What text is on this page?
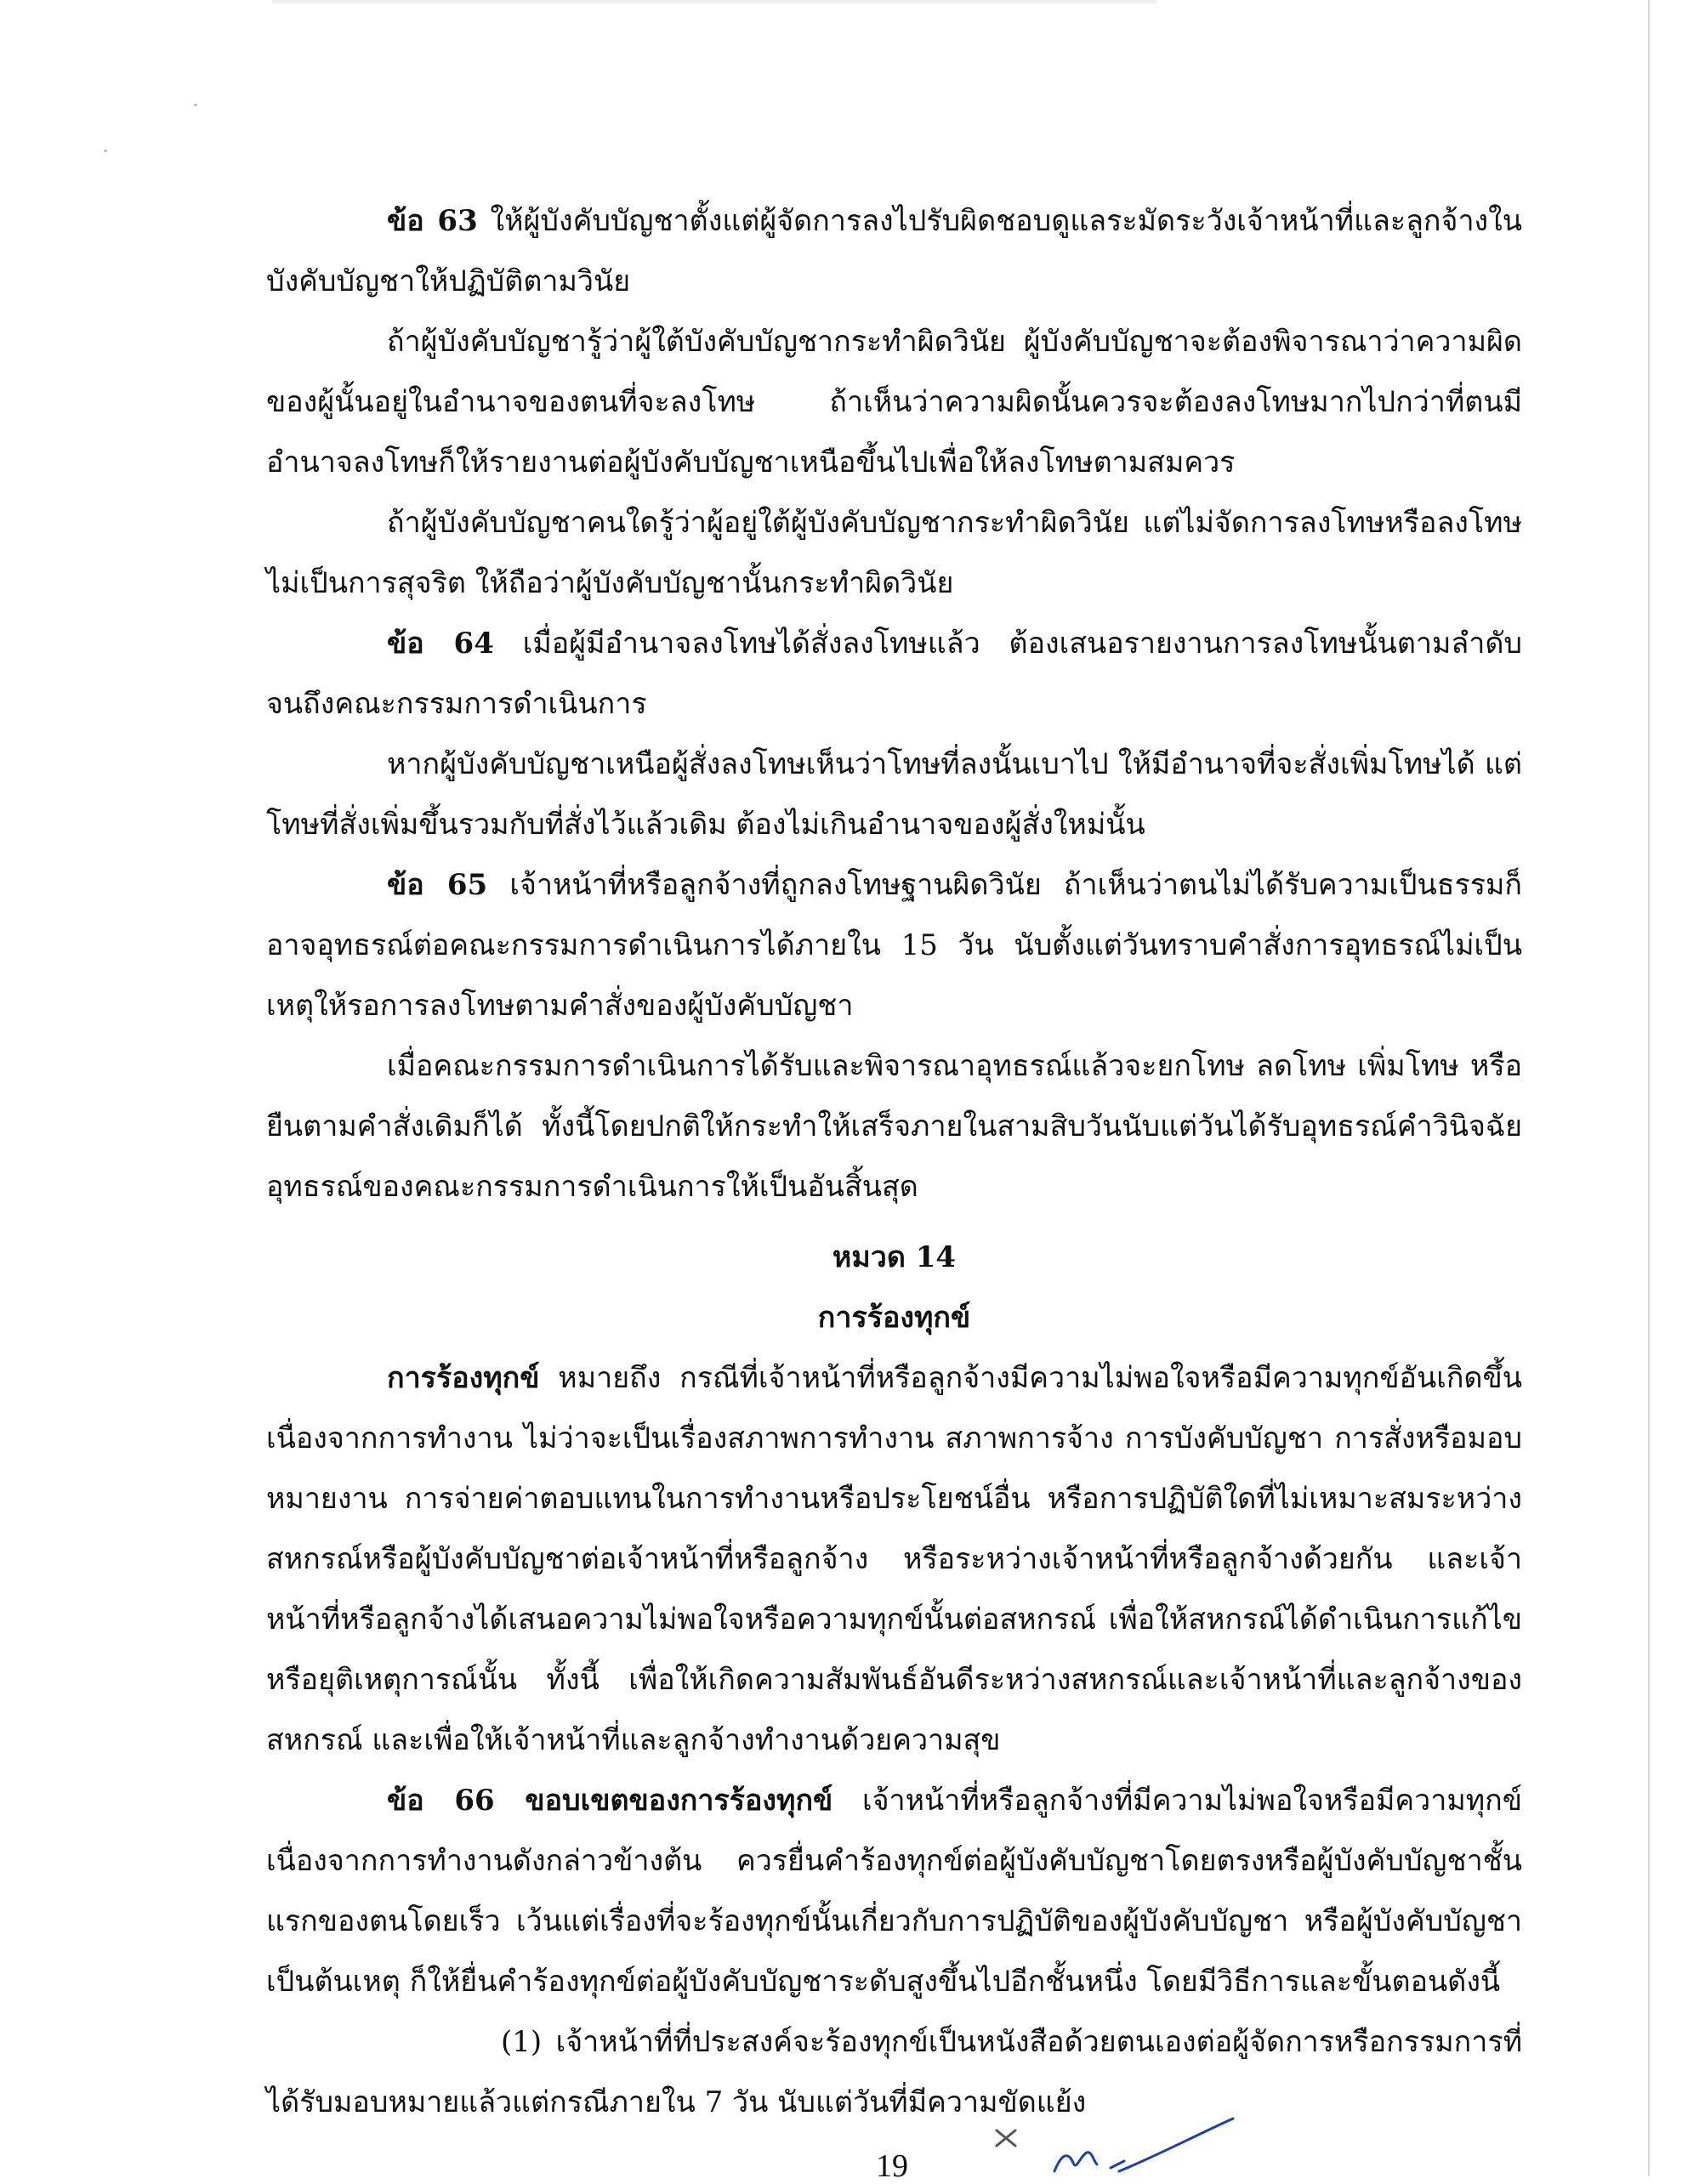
ข้อ 63 ให้ผู้บังคับบัญชาตั้งแต่ผู้จัดการลงไปรับผิดชอบดูแลระมัดระวังเจ้าหน้าที่และลูกจ้างในบังคับบัญชาให้ปฏิบัติตามวินัย

ถ้าผู้บังคับบัญชารู้ว่าผู้ใต้บังคับบัญชากระทำผิดวินัย ผู้บังคับบัญชาจะต้องพิจารณาว่าความผิดของผู้นั้นอยู่ในอำนาจของตนที่จะลงโทษ ถ้าเห็นว่าความผิดนั้นควรจะต้องลงโทษมากไปกว่าที่ตนมีอำนาจลงโทษก็ให้รายงานต่อผู้บังคับบัญชาเหนือขึ้นไปเพื่อให้ลงโทษตามสมควร

ถ้าผู้บังคับบัญชาคนใดรู้ว่าผู้อยู่ใต้ผู้บังคับบัญชากระทำผิดวินัย แต่ไม่จัดการลงโทษหรือลงโทษไม่เป็นการสุจริต ให้ถือว่าผู้บังคับบัญชานั้นกระทำผิดวินัย

ข้อ 64 เมื่อผู้มีอำนาจลงโทษได้สั่งลงโทษแล้ว ต้องเสนอรายงานการลงโทษนั้นตามลำดับจนถึงคณะกรรมการดำเนินการ

หากผู้บังคับบัญชาเหนือผู้สั่งลงโทษเห็นว่าโทษที่ลงนั้นเบาไป ให้มีอำนาจที่จะสั่งเพิ่มโทษได้ แต่โทษที่สั่งเพิ่มขึ้นรวมกับที่สั่งไว้แล้วเดิม ต้องไม่เกินอำนาจของผู้สั่งใหม่นั้น

ข้อ 65 เจ้าหน้าที่หรือลูกจ้างที่ถูกลงโทษฐานผิดวินัย ถ้าเห็นว่าตนไม่ได้รับความเป็นธรรมก็อาจอุทธรณ์ต่อคณะกรรมการดำเนินการได้ภายใน 15 วัน นับตั้งแต่วันทราบคำสั่งการอุทธรณ์ไม่เป็นเหตุให้รอการลงโทษตามคำสั่งของผู้บังคับบัญชา

เมื่อคณะกรรมการดำเนินการได้รับและพิจารณาอุทธรณ์แล้วจะยกโทษ ลดโทษ เพิ่มโทษ หรือยืนตามคำสั่งเดิมก็ได้ ทั้งนี้โดยปกติให้กระทำให้เสร็จภายในสามสิบวันนับแต่วันได้รับอุทธรณ์คำวินิจฉัยอุทธรณ์ของคณะกรรมการดำเนินการให้เป็นอันสิ้นสุด

หมวด 14

การร้องทุกข์

การร้องทุกข์ หมายถึง กรณีที่เจ้าหน้าที่หรือลูกจ้างมีความไม่พอใจหรือมีความทุกข์อันเกิดขึ้นเนื่องจากการทำงาน ไม่ว่าจะเป็นเรื่องสภาพการทำงาน สภาพการจ้าง การบังคับบัญชา การสั่งหรือมอบหมายงาน การจ่ายค่าตอบแทนในการทำงานหรือประโยชน์อื่น หรือการปฏิบัติใดที่ไม่เหมาะสมระหว่างสหกรณ์หรือผู้บังคับบัญชาต่อเจ้าหน้าที่หรือลูกจ้าง หรือระหว่างเจ้าหน้าที่หรือลูกจ้างด้วยกัน และเจ้าหน้าที่หรือลูกจ้างได้เสนอความไม่พอใจหรือความทุกข์นั้นต่อสหกรณ์ เพื่อให้สหกรณ์ได้ดำเนินการแก้ไขหรือยุติเหตุการณ์นั้น ทั้งนี้ เพื่อให้เกิดความสัมพันธ์อันดีระหว่างสหกรณ์และเจ้าหน้าที่และลูกจ้างของสหกรณ์ และเพื่อให้เจ้าหน้าที่และลูกจ้างทำงานด้วยความสุข

ข้อ 66 ขอบเขตของการร้องทุกข์ เจ้าหน้าที่หรือลูกจ้างที่มีความไม่พอใจหรือมีความทุกข์เนื่องจากการทำงานดังกล่าวข้างต้น ควรยื่นคำร้องทุกข์ต่อผู้บังคับบัญชาโดยตรงหรือผู้บังคับบัญชาชั้นแรกของตนโดยเร็ว เว้นแต่เรื่องที่จะร้องทุกข์นั้นเกี่ยวกับการปฏิบัติของผู้บังคับบัญชา หรือผู้บังคับบัญชาเป็นต้นเหตุ ก็ให้ยื่นคำร้องทุกข์ต่อผู้บังคับบัญชาระดับสูงขึ้นไปอีกชั้นหนึ่ง โดยมีวิธีการและขั้นตอนดังนี้

(1) เจ้าหน้าที่ที่ประสงค์จะร้องทุกข์เป็นหนังสือด้วยตนเองต่อผู้จัดการหรือกรรมการที่ได้รับมอบหมายแล้วแต่กรณีภายใน 7 วัน นับแต่วันที่มีความขัดแย้ง

19
